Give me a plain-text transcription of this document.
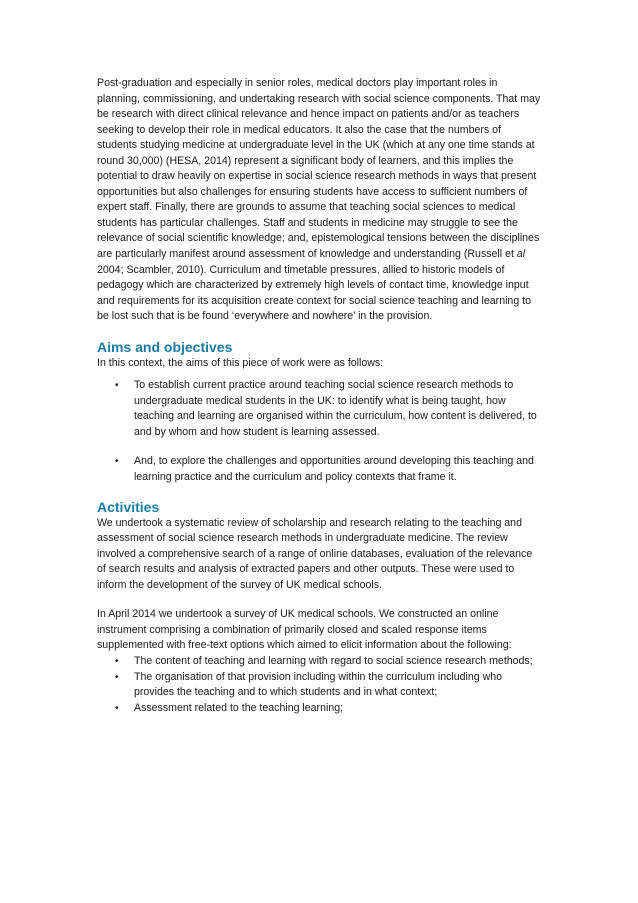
Post-graduation and especially in senior roles, medical doctors play important roles in planning, commissioning, and undertaking research with social science components. That may be research with direct clinical relevance and hence impact on patients and/or as teachers seeking to develop their role in medical educators. It also the case that the numbers of students studying medicine at undergraduate level in the UK (which at any one time stands at round 30,000) (HESA, 2014) represent a significant body of learners, and this implies the potential to draw heavily on expertise in social science research methods in ways that present opportunities but also challenges for ensuring students have access to sufficient numbers of expert staff. Finally, there are grounds to assume that teaching social sciences to medical students has particular challenges. Staff and students in medicine may struggle to see the relevance of social scientific knowledge; and, epistemological tensions between the disciplines are particularly manifest around assessment of knowledge and understanding (Russell et al 2004; Scambler, 2010). Curriculum and timetable pressures, allied to historic models of pedagogy which are characterized by extremely high levels of contact time, knowledge input and requirements for its acquisition create context for social science teaching and learning to be lost such that is be found ‘everywhere and nowhere’ in the provision.

Aims and objectives

In this context, the aims of this piece of work were as follows:

• To establish current practice around teaching social science research methods to undergraduate medical students in the UK: to identify what is being taught, how teaching and learning are organised within the curriculum, how content is delivered, to and by whom and how student is learning assessed.
• And, to explore the challenges and opportunities around developing this teaching and learning practice and the curriculum and policy contexts that frame it.
Activities

We undertook a systematic review of scholarship and research relating to the teaching and assessment of social science research methods in undergraduate medicine. The review involved a comprehensive search of a range of online databases, evaluation of the relevance of search results and analysis of extracted papers and other outputs. These were used to inform the development of the survey of UK medical schools.

In April 2014 we undertook a survey of UK medical schools. We constructed an online instrument comprising a combination of primarily closed and scaled response items supplemented with free-text options which aimed to elicit information about the following:

• The content of teaching and learning with regard to social science research methods;
• The organisation of that provision including within the curriculum including who provides the teaching and to which students and in what context;
• Assessment related to the teaching learning;
